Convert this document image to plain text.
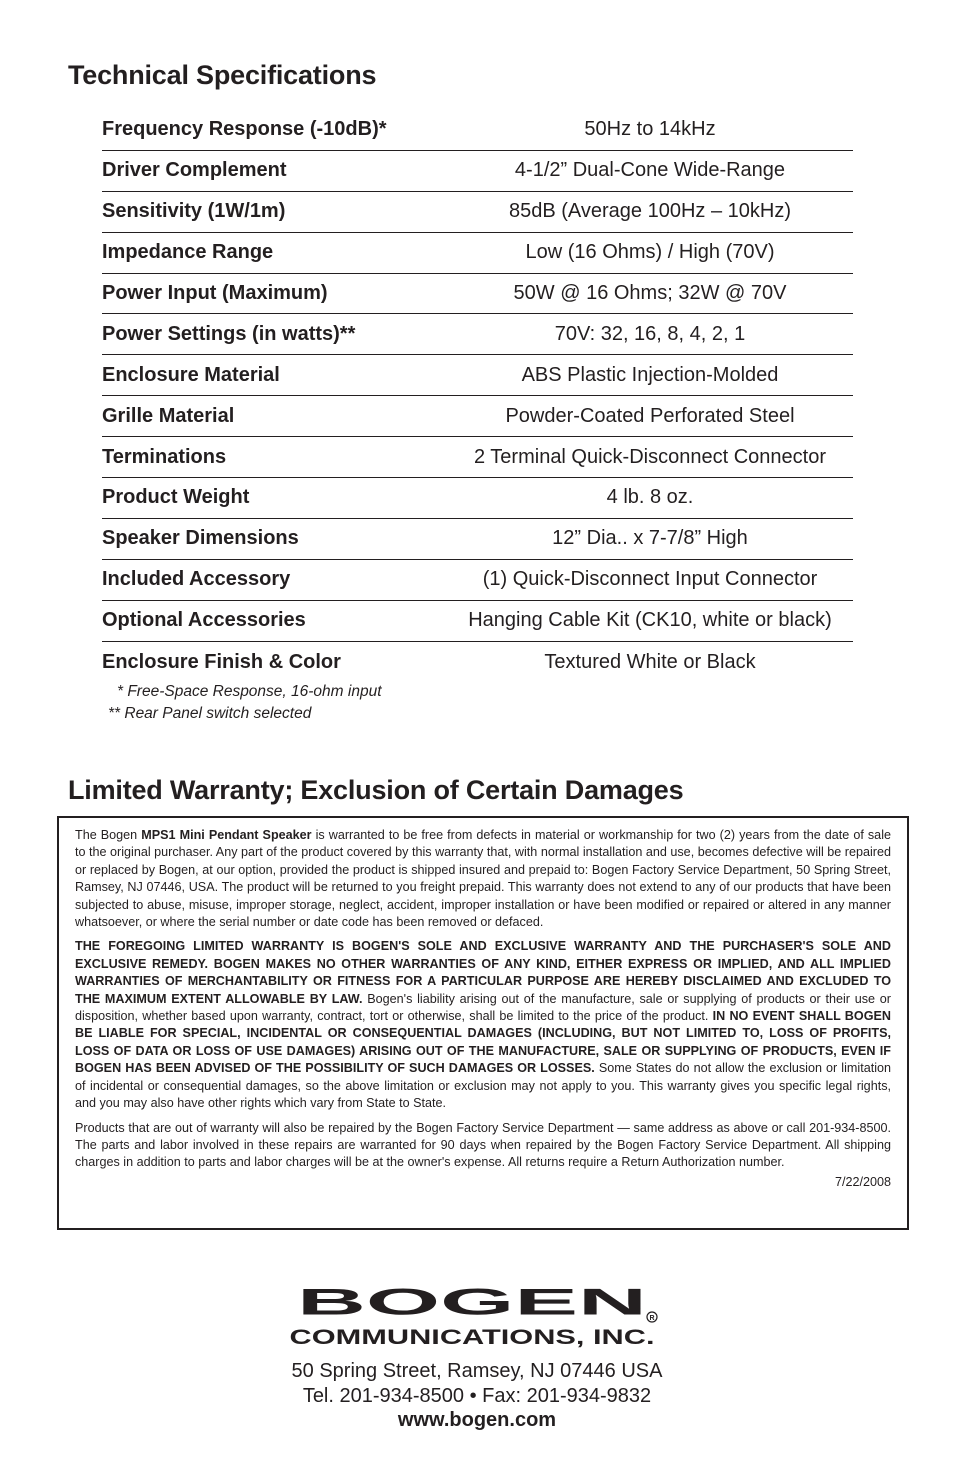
Technical Specifications
Frequency Response (-10dB)*	50Hz to 14kHz
Driver Complement	4-1/2” Dual-Cone Wide-Range
Sensitivity (1W/1m)	85dB (Average 100Hz – 10kHz)
Impedance Range	Low (16 Ohms) / High (70V)
Power Input (Maximum)	50W @ 16 Ohms; 32W @ 70V
Power Settings (in watts)**	70V: 32, 16, 8, 4, 2, 1
Enclosure Material	ABS Plastic Injection-Molded
Grille Material	Powder-Coated Perforated Steel
Terminations	2 Terminal Quick-Disconnect Connector
Product Weight	4 lb. 8 oz.
Speaker Dimensions	12” Dia.. x 7-7/8” High
Included Accessory	(1) Quick-Disconnect Input Connector
Optional Accessories	Hanging Cable Kit (CK10, white or black)
Enclosure Finish & Color	Textured White or Black
* Free-Space Response, 16-ohm input
** Rear Panel switch selected
Limited Warranty; Exclusion of Certain Damages

The Bogen MPS1 Mini Pendant Speaker is warranted to be free from defects in material or workmanship for two (2) years from the date of sale to the original purchaser. Any part of the product covered by this warranty that, with normal installation and use, becomes defective will be repaired or replaced by Bogen, at our option, provided the product is shipped insured and prepaid to: Bogen Factory Service Department, 50 Spring Street, Ramsey, NJ 07446, USA. The product will be returned to you freight prepaid. This warranty does not extend to any of our products that have been subjected to abuse, misuse, improper storage, neglect, accident, improper installation or have been modified or repaired or altered in any manner whatsoever, or where the serial number or date code has been removed or defaced.

THE FOREGOING LIMITED WARRANTY IS BOGEN'S SOLE AND EXCLUSIVE WARRANTY AND THE PURCHASER'S SOLE AND EXCLUSIVE REMEDY. BOGEN MAKES NO OTHER WARRANTIES OF ANY KIND, EITHER EXPRESS OR IMPLIED, AND ALL IMPLIED WARRANTIES OF MERCHANTABILITY OR FITNESS FOR A PARTICULAR PURPOSE ARE HEREBY DISCLAIMED AND EXCLUDED TO THE MAXIMUM EXTENT ALLOWABLE BY LAW. Bogen's liability arising out of the manufacture, sale or supplying of products or their use or disposition, whether based upon warranty, contract, tort or otherwise, shall be limited to the price of the product. IN NO EVENT SHALL BOGEN BE LIABLE FOR SPECIAL, INCIDENTAL OR CONSEQUENTIAL DAMAGES (INCLUDING, BUT NOT LIMITED TO, LOSS OF PROFITS, LOSS OF DATA OR LOSS OF USE DAMAGES) ARISING OUT OF THE MANUFACTURE, SALE OR SUPPLYING OF PRODUCTS, EVEN IF BOGEN HAS BEEN ADVISED OF THE POSSIBILITY OF SUCH DAMAGES OR LOSSES. Some States do not allow the exclusion or limitation of incidental or consequential damages, so the above limitation or exclusion may not apply to you. This warranty gives you specific legal rights, and you may also have other rights which vary from State to State.

Products that are out of warranty will also be repaired by the Bogen Factory Service Department — same address as above or call 201-934-8500. The parts and labor involved in these repairs are warranted for 90 days when repaired by the Bogen Factory Service Department. All shipping charges in addition to parts and labor charges will be at the owner's expense. All returns require a Return Authorization number.

7/22/2008
BOGEN R
COMMUNICATIONS, INC.
50 Spring Street, Ramsey, NJ 07446 USA
Tel. 201-934-8500 • Fax: 201-934-9832
www.bogen.com
